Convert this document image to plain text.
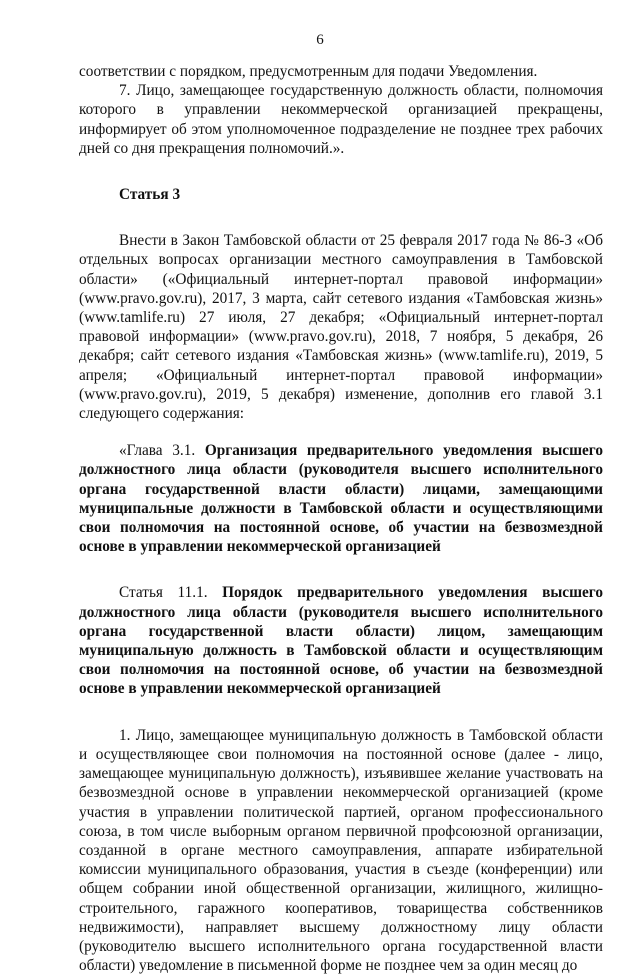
6

соответствии с порядком, предусмотренным для подачи Уведомления.

7. Лицо, замещающее государственную должность области, полномочия которого в управлении некоммерческой организацией прекращены, информирует об этом уполномоченное подразделение не позднее трех рабочих дней со дня прекращения полномочий.».

Статья 3

Внести в Закон Тамбовской области от 25 февраля 2017 года № 86-З «Об отдельных вопросах организации местного самоуправления в Тамбовской области» («Официальный интернет-портал правовой информации» (www.pravo.gov.ru), 2017, 3 марта, сайт сетевого издания «Тамбовская жизнь» (www.tamlife.ru) 27 июля, 27 декабря; «Официальный интернет-портал правовой информации» (www.pravo.gov.ru), 2018, 7 ноября, 5 декабря, 26 декабря; сайт сетевого издания «Тамбовская жизнь» (www.tamlife.ru), 2019, 5 апреля; «Официальный интернет-портал правовой информации» (www.pravo.gov.ru), 2019, 5 декабря) изменение, дополнив его главой 3.1 следующего содержания:

«Глава 3.1. Организация предварительного уведомления высшего должностного лица области (руководителя высшего исполнительного органа государственной власти области) лицами, замещающими муниципальные должности в Тамбовской области и осуществляющими свои полномочия на постоянной основе, об участии на безвозмездной основе в управлении некоммерческой организацией

Статья 11.1. Порядок предварительного уведомления высшего должностного лица области (руководителя высшего исполнительного органа государственной власти области) лицом, замещающим муниципальную должность в Тамбовской области и осуществляющим свои полномочия на постоянной основе, об участии на безвозмездной основе в управлении некоммерческой организацией

1. Лицо, замещающее муниципальную должность в Тамбовской области и осуществляющее свои полномочия на постоянной основе (далее - лицо, замещающее муниципальную должность), изъявившее желание участвовать на безвозмездной основе в управлении некоммерческой организацией (кроме участия в управлении политической партией, органом профессионального союза, в том числе выборным органом первичной профсоюзной организации, созданной в органе местного самоуправления, аппарате избирательной комиссии муниципального образования, участия в съезде (конференции) или общем собрании иной общественной организации, жилищного, жилищно-строительного, гаражного кооперативов, товарищества собственников недвижимости), направляет высшему должностному лицу области (руководителю высшего исполнительного органа государственной власти области) уведомление в письменной форме не позднее чем за один месяц до
